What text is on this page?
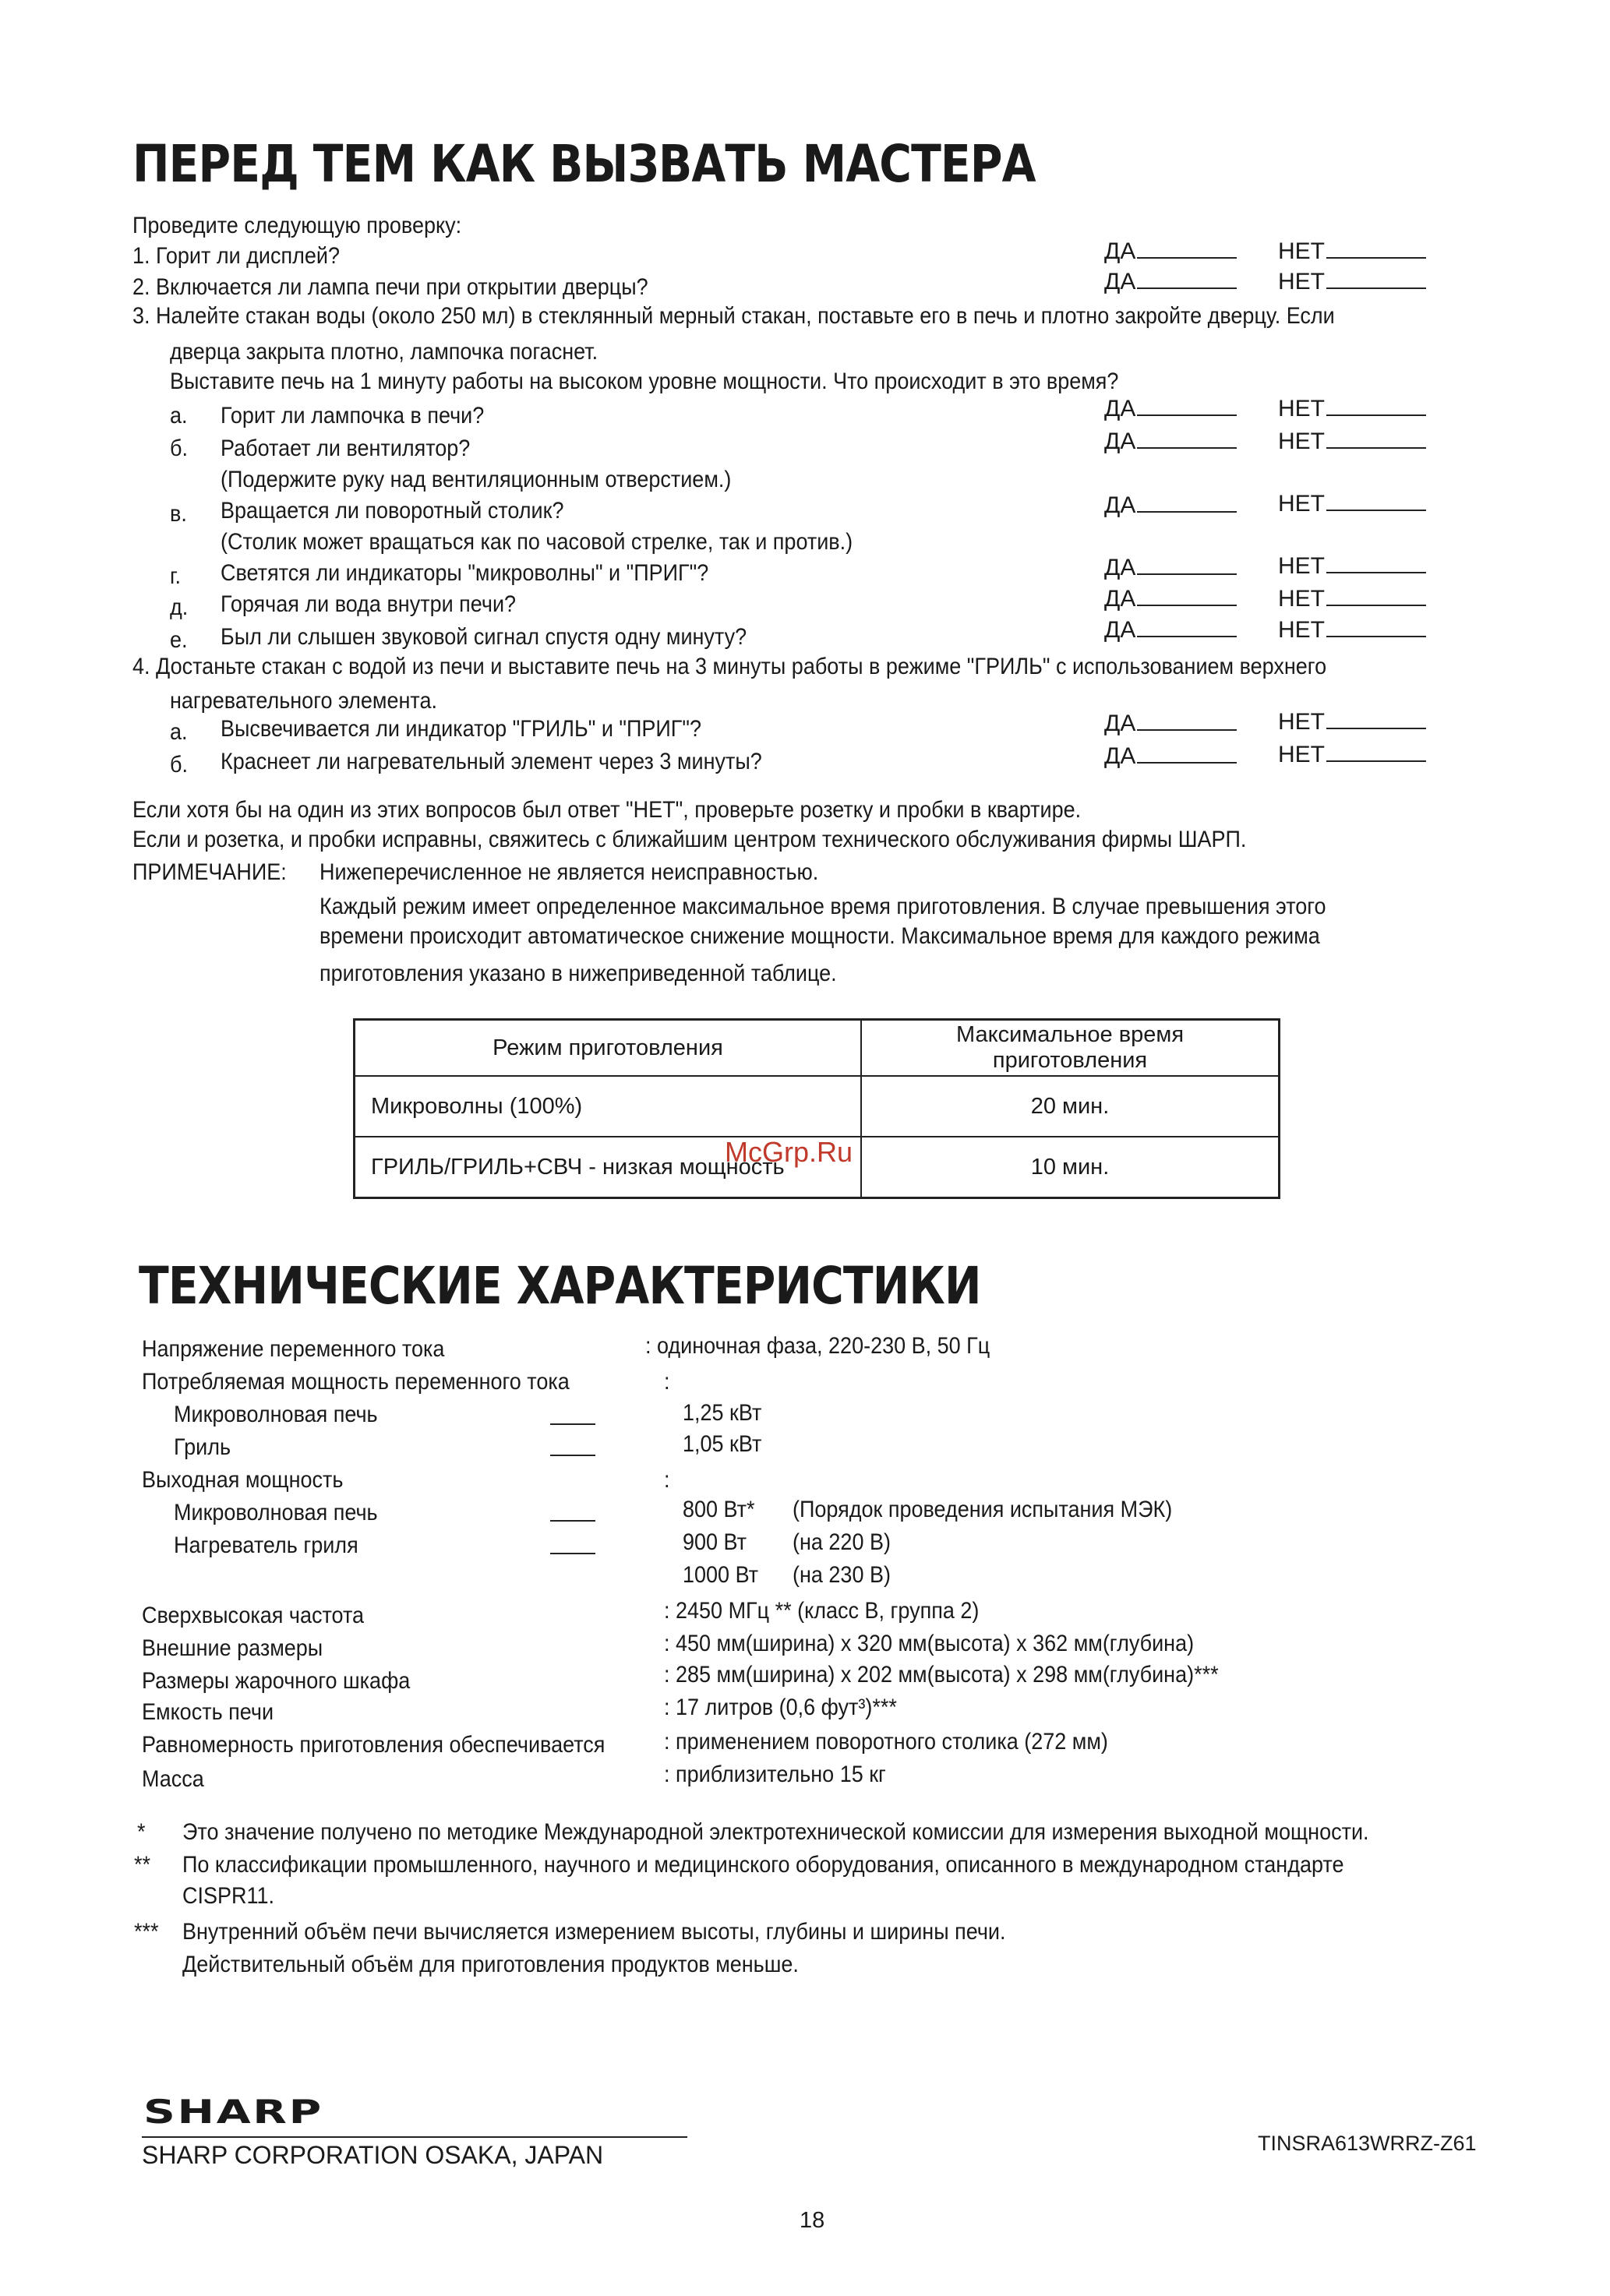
ПЕРЕД ТЕМ КАК ВЫЗВАТЬ МАСТЕРА
Проведите следующую проверку:
1. Горит ли дисплей?	ДА	НЕТ
2. Включается ли лампа печи при открытии дверцы?	ДА	НЕТ
3. Налейте стакан воды (около 250 мл) в стеклянный мерный стакан, поставьте его в печь и плотно закройте дверцу. Если
дверца закрыта плотно, лампочка погаснет.
Выставите печь на 1 минуту работы на высоком уровне мощности. Что происходит в это время?
а. Горит ли лампочка в печи?	ДА	НЕТ
б. Работает ли вентилятор?	ДА	НЕТ
(Подержите руку над вентиляционным отверстием.)
в. Вращается ли поворотный столик?	ДА	НЕТ
(Столик может вращаться как по часовой стрелке, так и против.)
г. Светятся ли индикаторы "микроволны" и "ПРИГ"?	ДА	НЕТ
д. Горячая ли вода внутри печи?	ДА	НЕТ
е. Был ли слышен звуковой сигнал спустя одну минуту?	ДА	НЕТ
4. Достаньте стакан с водой из печи и выставите печь на 3 минуты работы в режиме "ГРИЛЬ" с использованием верхнего
нагревательного элемента.
а. Высвечивается ли индикатор "ГРИЛЬ" и "ПРИГ"?	ДА	НЕТ
б. Краснеет ли нагревательный элемент через 3 минуты?	ДА	НЕТ
Если хотя бы на один из этих вопросов был ответ "НЕТ", проверьте розетку и пробки в квартире.
Если и розетка, и пробки исправны, свяжитесь с ближайшим центром технического обслуживания фирмы ШАРП.
ПРИМЕЧАНИЕ: Нижеперечисленное не является неисправностью.
Каждый режим имеет определенное максимальное время приготовления. В случае превышения этого
времени происходит автоматическое снижение мощности. Максимальное время для каждого режима
приготовления указано в нижеприведенной таблице.
Режим приготовления	Максимальное время приготовления
Микроволны (100%)	20 мин.
ГРИЛЬ/ГРИЛЬ+СВЧ - низкая мощность	10 мин.
McGrp.Ru
ТЕХНИЧЕСКИЕ ХАРАКТЕРИСТИКИ
Напряжение переменного тока	: одиночная фаза, 220-230 В, 50 Гц
Потребляемая мощность переменного тока	:
Микроволновая печь	1,25 кВт
Гриль	1,05 кВт
Выходная мощность	:
Микроволновая печь	800 Вт* (Порядок проведения испытания МЭК)
Нагреватель гриля	900 Вт (на 220 В)
1000 Вт (на 230 В)
Сверхвысокая частота	: 2450 МГц ** (класс В, группа 2)
Внешние размеры	: 450 мм(ширина) x 320 мм(высота) x 362 мм(глубина)
Размеры жарочного шкафа	: 285 мм(ширина) x 202 мм(высота) x 298 мм(глубина)***
Емкость печи	: 17 литров (0,6 фут³)***
Равномерность приготовления обеспечивается	: применением поворотного столика (272 мм)
Масса	: приблизительно 15 кг
* Это значение получено по методике Международной электротехнической комиссии для измерения выходной мощности.
** По классификации промышленного, научного и медицинского оборудования, описанного в международном стандарте
CISPR11.
*** Внутренний объём печи вычисляется измерением высоты, глубины и ширины печи.
Действительный объём для приготовления продуктов меньше.
SHARP
SHARP CORPORATION OSAKA, JAPAN	TINSRA613WRRZ-Z61
18
